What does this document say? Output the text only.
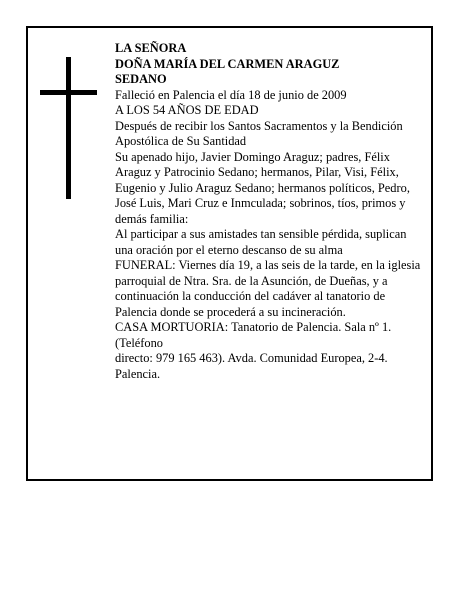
LA SEÑORA

DOÑA MARÍA DEL CARMEN ARAGUZ

SEDANO

Falleció en Palencia el día 18 de junio de 2009

A LOS 54 AÑOS DE EDAD

Después de recibir los Santos Sacramentos y la Bendición Apostólica de Su Santidad

Su apenado hijo, Javier Domingo Araguz; padres, Félix Araguz y Patrocinio Sedano; hermanos, Pilar, Visi, Félix, Eugenio y Julio Araguz Sedano; hermanos políticos, Pedro, José Luis, Mari Cruz e Inmculada; sobrinos, tíos, primos y demás familia:

Al participar a sus amistades tan sensible pérdida, suplican una oración por el eterno descanso de su alma

FUNERAL: Viernes día 19, a las seis de la tarde, en la iglesia parroquial de Ntra. Sra. de la Asunción, de Dueñas, y a continuación la conducción del cadáver al tanatorio de Palencia donde se procederá a su incineración.

CASA MORTUORIA: Tanatorio de Palencia. Sala nº 1. (Teléfono

directo: 979 165 463). Avda. Comunidad Europea, 2-4. Palencia.
